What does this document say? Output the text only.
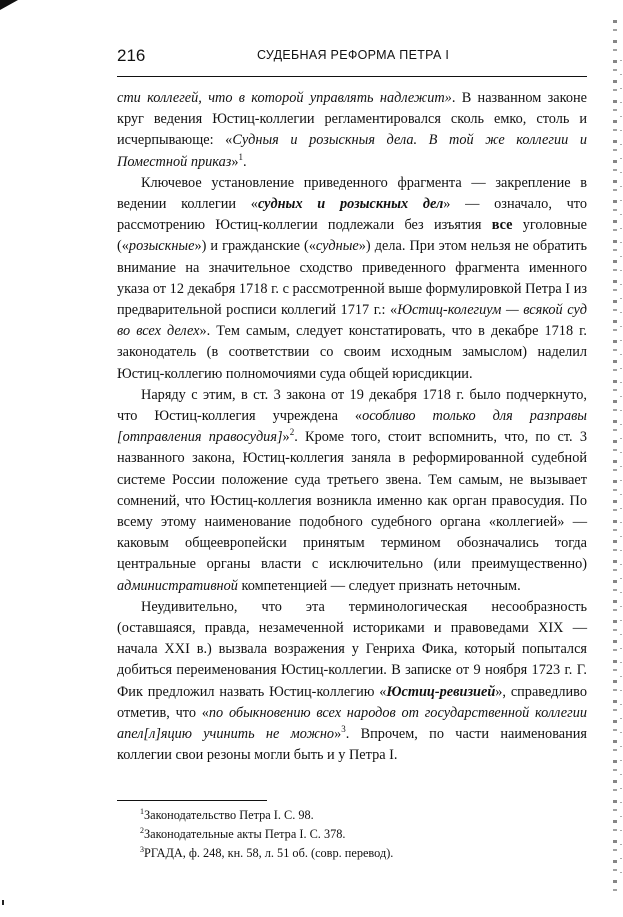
216	СУДЕБНАЯ РЕФОРМА ПЕТРА I

сти коллегей, что в которой управлять надлежит». В названном законе круг ведения Юстиц-коллегии регламентировался сколь емко, столь и исчерпывающе: «Судныя и розыскныя дела. В той же коллегии и Поместной приказ»$^1$.

Ключевое установление приведенного фрагмента — закрепление в ведении коллегии «судных и розыскных дел» — означало, что рассмотрению Юстиц-коллегии подлежали без изъятия все уголовные («розыскные») и гражданские («судные») дела. При этом нельзя не обратить внимание на значительное сходство приведенного фрагмента именного указа от 12 декабря 1718 г. с рассмотренной выше формулировкой Петра I из предварительной росписи коллегий 1717 г.: «Юстиц-колегиум — всякой суд во всех делех». Тем самым, следует констатировать, что в декабре 1718 г. законодатель (в соответствии со своим исходным замыслом) наделил Юстиц-коллегию полномочиями суда общей юрисдикции.

Наряду с этим, в ст. 3 закона от 19 декабря 1718 г. было подчеркнуто, что Юстиц-коллегия учреждена «особливо только для разправы [отправления правосудия]»$^2$. Кроме того, стоит вспомнить, что, по ст. 3 названного закона, Юстиц-коллегия заняла в реформированной судебной системе России положение суда третьего звена. Тем самым, не вызывает сомнений, что Юстиц-коллегия возникла именно как орган правосудия. По всему этому наименование подобного судебного органа «коллегией» — каковым общеевропейски принятым термином обозначались тогда центральные органы власти с исключительно (или преимущественно) административной компетенцией — следует признать неточным.

Неудивительно, что эта терминологическая несообразность (оставшаяся, правда, незамеченной историками и правоведами XIX — начала XXI в.) вызвала возражения у Генриха Фика, который попытался добиться переименования Юстиц-коллегии. В записке от 9 ноября 1723 г. Г. Фик предложил назвать Юстиц-коллегию «Юстиц-ревизией», справедливо отметив, что «по обыкновению всех народов от государственной коллегии апел[л]яцию учинить не можно»$^3$. Впрочем, по части наименования коллегии свои резоны могли быть и у Петра I.

$^1$Законодательство Петра I. С. 98.

$^2$Законодательные акты Петра I. С. 378.

$^3$РГАДА, ф. 248, кн. 58, л. 51 об. (совр. перевод).
